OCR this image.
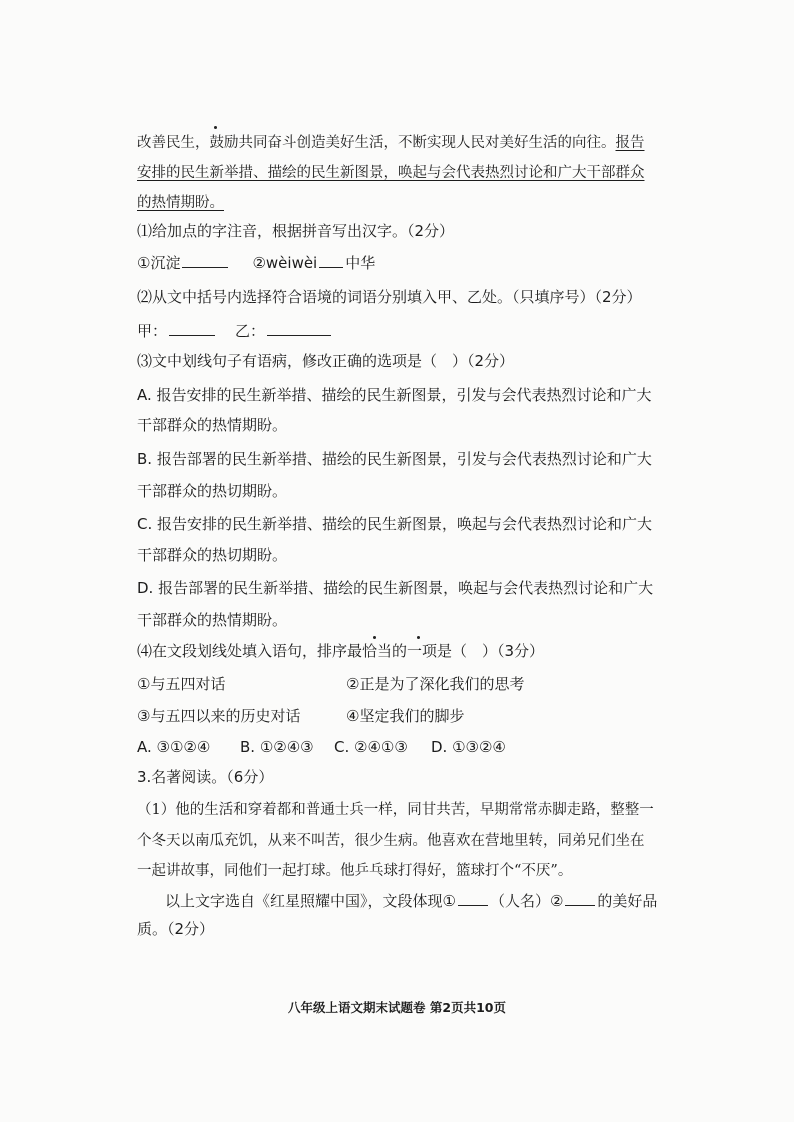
改善民生，鼓励共同奋斗创造美好生活，不断实现人民对美好生活的向往。报告
安排的民生新举措、描绘的民生新图景，唤起与会代表热烈讨论和广大干部群众
的热情期盼。
⑴给加点的字注音，根据拼音写出汉字。（2分）
①沉淀	②wèiwèi 中华
⑵从文中括号内选择符合语境的词语分别填入甲、乙处。（只填序号）（2分）
甲：	乙：
⑶文中划线句子有语病，修改正确的选项是（　）（2分）
A. 报告安排的民生新举措、描绘的民生新图景，引发与会代表热烈讨论和广大
干部群众的热情期盼。
B. 报告部署的民生新举措、描绘的民生新图景，引发与会代表热烈讨论和广大
干部群众的热切期盼。
C. 报告安排的民生新举措、描绘的民生新图景，唤起与会代表热烈讨论和广大
干部群众的热切期盼。
D. 报告部署的民生新举措、描绘的民生新图景，唤起与会代表热烈讨论和广大
干部群众的热情期盼。
⑷在文段划线处填入语句，排序最恰当的一项是（　）（3分）
①与五四对话	②正是为了深化我们的思考
③与五四以来的历史对话	④坚定我们的脚步
A. ③①②④ B. ①②④③ C. ②④①③ D. ①③②④
3.名著阅读。（6分）
（1）他的生活和穿着都和普通士兵一样，同甘共苦，早期常常赤脚走路，整整一
个冬天以南瓜充饥，从来不叫苦，很少生病。他喜欢在营地里转，同弟兄们坐在
一起讲故事，同他们一起打球。他乒乓球打得好，篮球打个“不厌”。
以上文字选自《红星照耀中国》，文段体现① （人名）② 的美好品
质。（2分）
八年级上语文期末试题卷 第2页共10页
